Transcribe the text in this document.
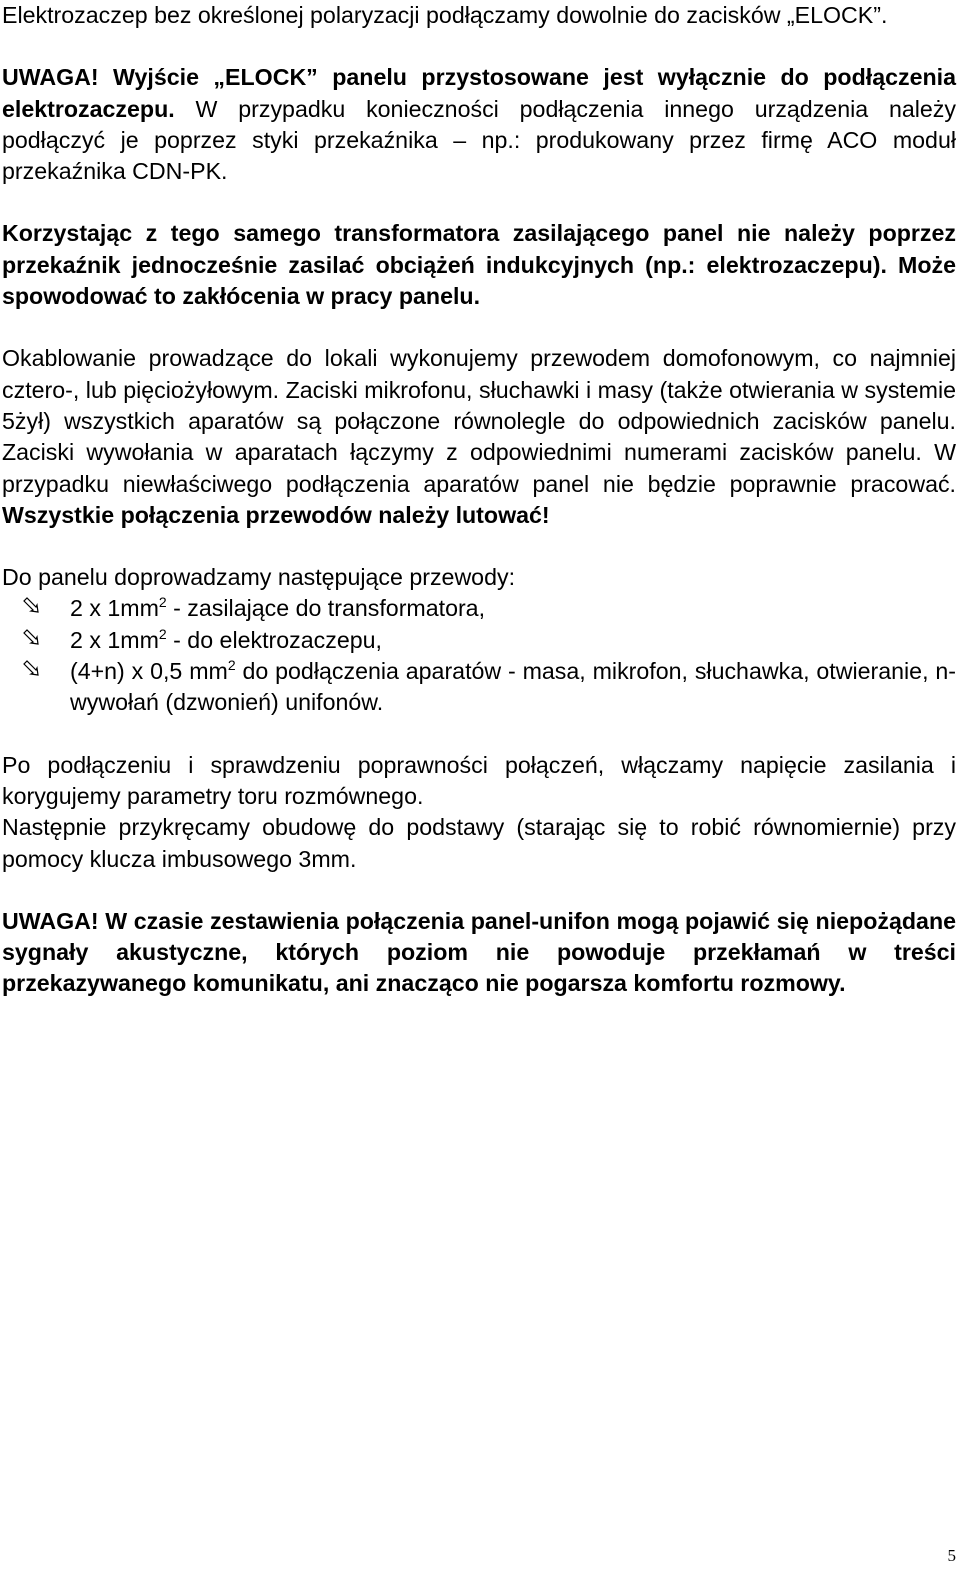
Elektrozaczep bez określonej polaryzacji podłączamy dowolnie do zacisków „ELOCK”.

UWAGA! Wyjście „ELOCK” panelu przystosowane jest wyłącznie do podłączenia elektrozaczepu. W przypadku konieczności podłączenia innego urządzenia należy podłączyć je poprzez styki przekaźnika – np.: produkowany przez firmę ACO moduł przekaźnika CDN-PK.

Korzystając z tego samego transformatora zasilającego panel nie należy poprzez przekaźnik jednocześnie zasilać obciążeń indukcyjnych (np.: elektrozaczepu). Może spowodować to zakłócenia w pracy panelu.

Okablowanie prowadzące do lokali wykonujemy przewodem domofonowym, co najmniej cztero-, lub pięciożyłowym. Zaciski mikrofonu, słuchawki i masy (także otwierania w systemie 5żył) wszystkich aparatów są połączone równolegle do odpowiednich zacisków panelu. Zaciski wywołania w aparatach łączymy z odpowiednimi numerami zacisków panelu. W przypadku niewłaściwego podłączenia aparatów panel nie będzie poprawnie pracować. Wszystkie połączenia przewodów należy lutować!

Do panelu doprowadzamy następujące przewody:

2 x $1mm^2$ - zasilające do transformatora,
2 x $1mm^2$ - do elektrozaczepu,
(4+n) x 0,5 $mm^2$ do podłączenia aparatów - masa, mikrofon, słuchawka, otwieranie, n-wywołań (dzwonień) unifonów.

Po podłączeniu i sprawdzeniu poprawności połączeń, włączamy napięcie zasilania i korygujemy parametry toru rozmównego.

Następnie przykręcamy obudowę do podstawy (starając się to robić równomiernie) przy pomocy klucza imbusowego 3mm.

UWAGA! W czasie zestawienia połączenia panel-unifon mogą pojawić się niepożądane sygnały akustyczne, których poziom nie powoduje przekłamań w treści przekazywanego komunikatu, ani znacząco nie pogarsza komfortu rozmowy.

5
